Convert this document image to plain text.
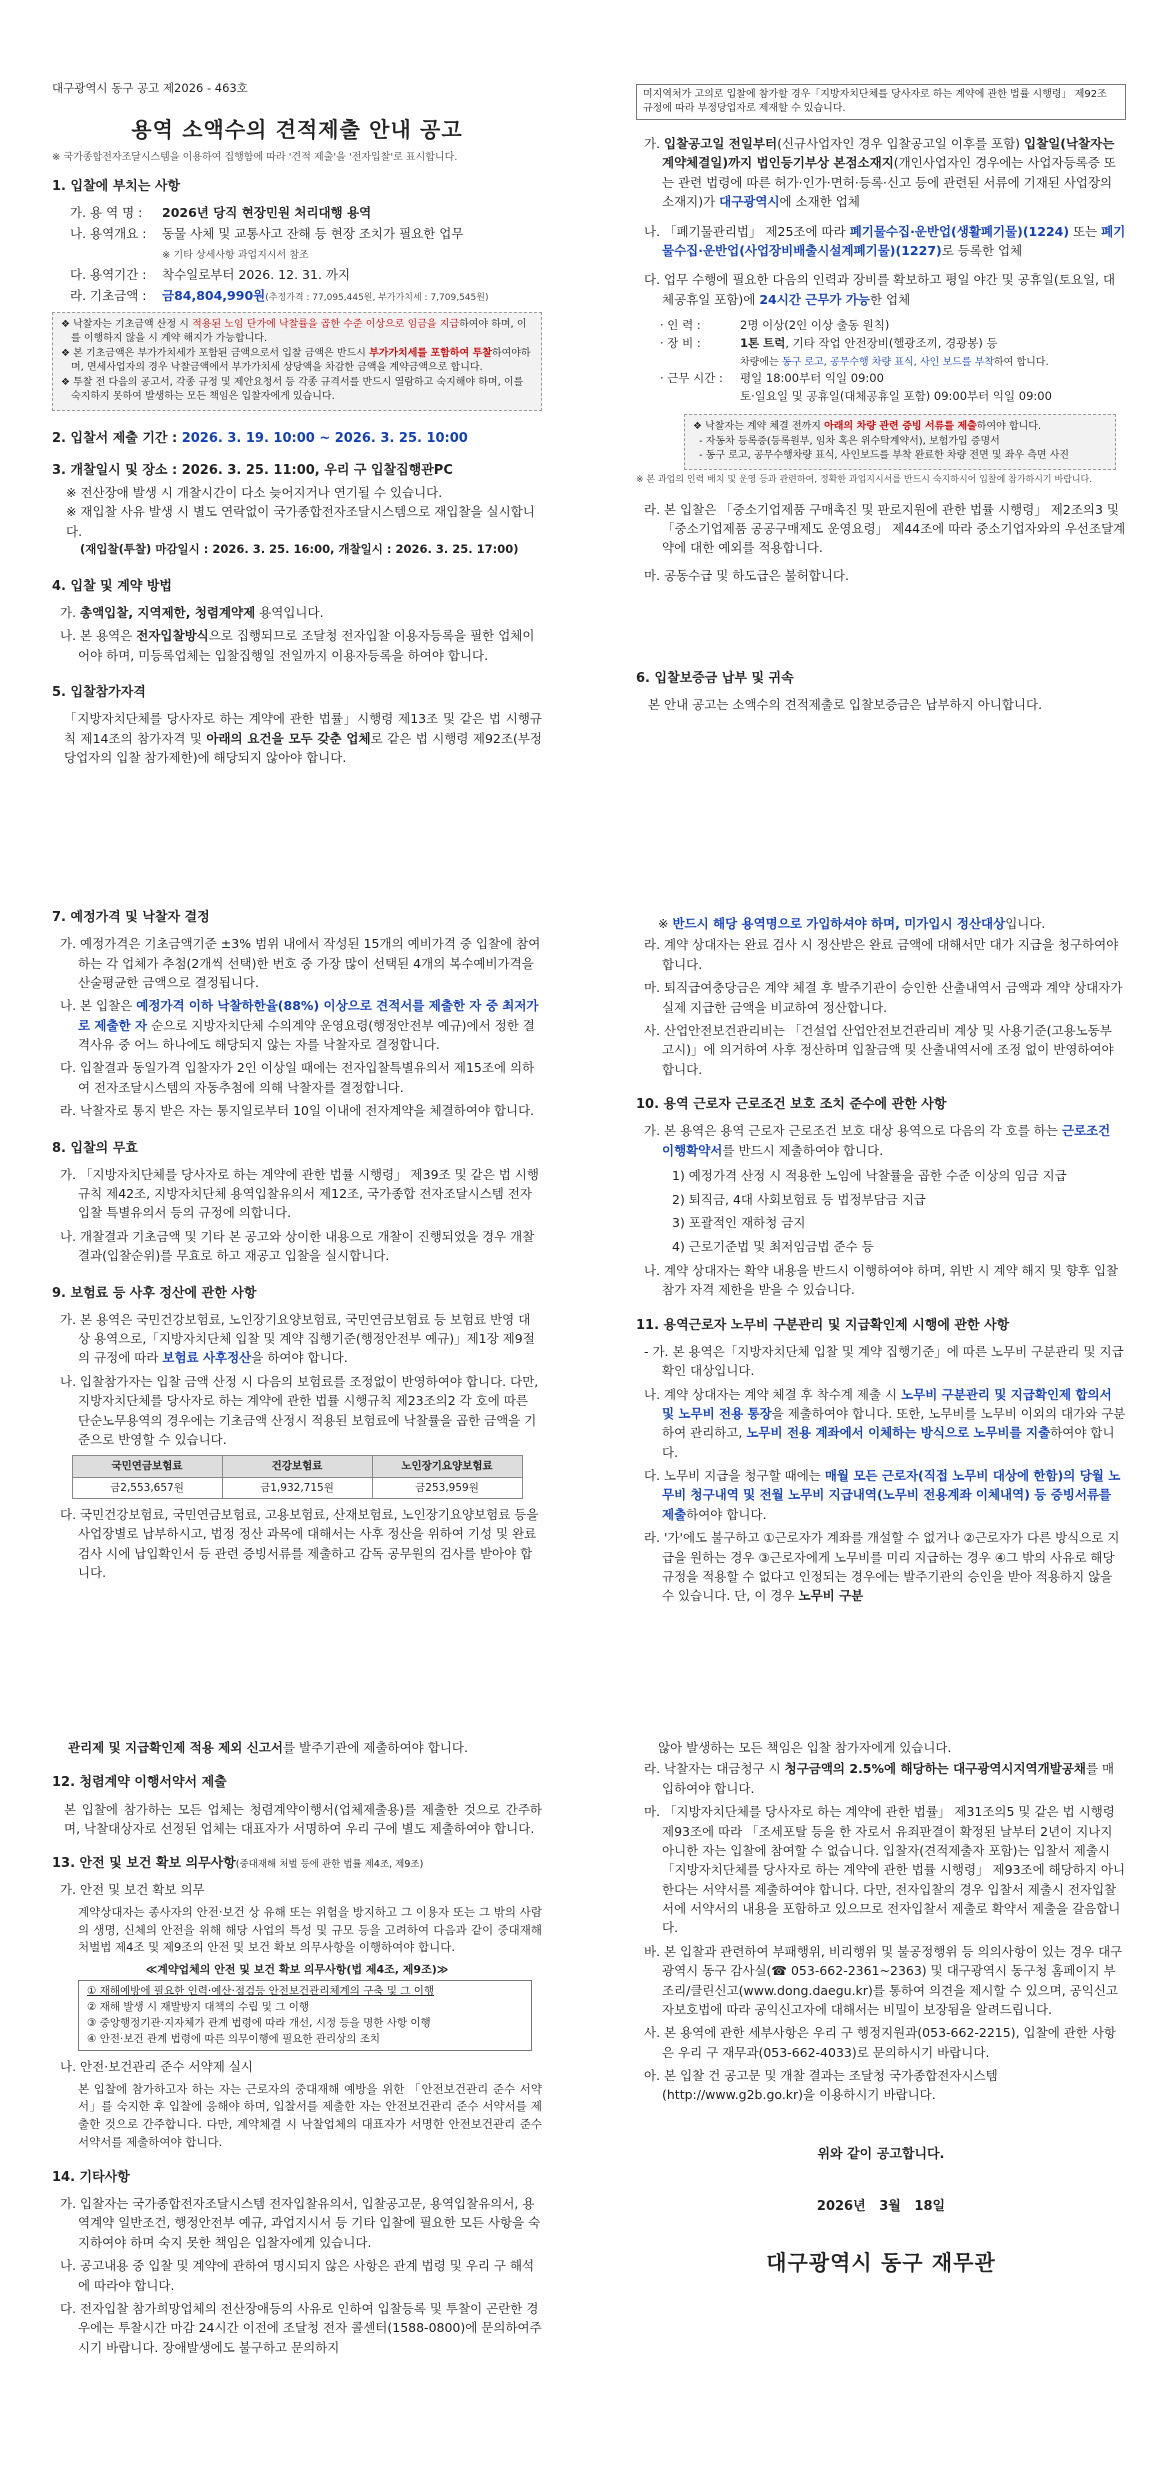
대구광역시 동구 공고 제2026 - 463호
용역 소액수의 견적제출 안내 공고
※ 국가종합전자조달시스템을 이용하여 집행함에 따라 '견적 제출'을 '전자입찰'로 표시합니다.
1. 입찰에 부치는 사항
가. 용 역 명 :	2026년 당직 현장민원 처리대행 용역
나. 용역개요 :	동물 사체 및 교통사고 잔해 등 현장 조치가 필요한 업무
※ 기타 상세사항 과업지시서 참조
다. 용역기간 :	착수일로부터 2026. 12. 31. 까지
라. 기초금액 :	금84,804,990원(추정가격 : 77,095,445원, 부가가치세 : 7,709,545원)
❖ 낙찰자는 기초금액 산정 시 적용된 노임 단가에 낙찰률을 곱한 수준 이상으로 임금을 지급하여야 하며, 이를 이행하지 않을 시 계약 해지가 가능합니다.
❖ 본 기초금액은 부가가치세가 포함된 금액으로서 입찰 금액은 반드시 부가가치세를 포함하여 투찰하여야하며, 면세사업자의 경우 낙찰금액에서 부가가치세 상당액을 차감한 금액을 계약금액으로 합니다.
❖ 투찰 전 다음의 공고서, 각종 규정 및 제안요청서 등 각종 규격서를 반드시 열람하고 숙지해야 하며, 이를 숙지하지 못하여 발생하는 모든 책임은 입찰자에게 있습니다.
2. 입찰서 제출 기간 : 2026. 3. 19. 10:00 ~ 2026. 3. 25. 10:00
3. 개찰일시 및 장소 : 2026. 3. 25. 11:00, 우리 구 입찰집행관PC
※ 전산장애 발생 시 개찰시간이 다소 늦어지거나 연기될 수 있습니다.
※ 재입찰 사유 발생 시 별도 연락없이 국가종합전자조달시스템으로 재입찰을 실시합니다.
(재입찰(투찰) 마감일시 : 2026. 3. 25. 16:00, 개찰일시 : 2026. 3. 25. 17:00)
4. 입찰 및 계약 방법
가. 총액입찰, 지역제한, 청렴계약제 용역입니다.
나. 본 용역은 전자입찰방식으로 집행되므로 조달청 전자입찰 이용자등록을 필한 업체이어야 하며, 미등록업체는 입찰집행일 전일까지 이용자등록을 하여야 합니다.
5. 입찰참가자격
「지방자치단체를 당사자로 하는 계약에 관한 법률」시행령 제13조 및 같은 법 시행규칙 제14조의 참가자격 및 아래의 요건을 모두 갖춘 업체로 같은 법 시행령 제92조(부정당업자의 입찰 참가제한)에 해당되지 않아야 합니다.
미지역처가 고의로 입찰에 참가할 경우「지방자치단체를 당사자로 하는 계약에 관한 법률 시행령」 제92조 규정에 따라 부정당업자로 제재할 수 있습니다.
가. 입찰공고일 전일부터(신규사업자인 경우 입찰공고일 이후를 포함) 입찰일(낙찰자는 계약체결일)까지 법인등기부상 본점소재지(개인사업자인 경우에는 사업자등록증 또는 관련 법령에 따른 허가·인가·면허·등록·신고 등에 관련된 서류에 기재된 사업장의 소재지)가 대구광역시에 소재한 업체
나. 「폐기물관리법」 제25조에 따라 폐기물수집·운반업(생활폐기물)(1224) 또는 폐기물수집·운반업(사업장비배출시설계폐기물)(1227)로 등록한 업체
다. 업무 수행에 필요한 다음의 인력과 장비를 확보하고 평일 야간 및 공휴일(토요일, 대체공휴일 포함)에 24시간 근무가 가능한 업체
· 인 력 :	2명 이상(2인 이상 출동 원칙)
· 장 비 :	1톤 트럭, 기타 작업 안전장비(헬광조끼, 경광봉) 등
차량에는 동구 로고, 공무수행 차량 표식, 사인 보드를 부착하여 합니다.
· 근무 시간 :	평일 18:00부터 익일 09:00
토·일요일 및 공휴일(대체공휴일 포함) 09:00부터 익일 09:00
❖ 낙찰자는 계약 체결 전까지 아래의 차량 관련 증빙 서류를 제출하여야 합니다.
- 자동차 등록증(등록원부, 임차 혹은 위수탁계약서), 보험가입 증명서
- 동구 로고, 공무수행차량 표식, 사인보드를 부착 완료한 차량 전면 및 좌우 측면 사진
※ 본 과업의 인력 배치 및 운영 등과 관련하여, 정확한 과업지시서를 반드시 숙지하시어 입찰에 참가하시기 바랍니다.
라. 본 입찰은 「중소기업제품 구매촉진 및 판로지원에 관한 법률 시행령」 제2조의3 및 「중소기업제품 공공구매제도 운영요령」 제44조에 따라 중소기업자와의 우선조달계약에 대한 예외를 적용합니다.
마. 공동수급 및 하도급은 불허합니다.
6. 입찰보증금 납부 및 귀속
본 안내 공고는 소액수의 견적제출로 입찰보증금은 납부하지 아니합니다.
7. 예정가격 및 낙찰자 결정
가. 예정가격은 기초금액기준 ±3% 범위 내에서 작성된 15개의 예비가격 중 입찰에 참여하는 각 업체가 추첨(2개씩 선택)한 번호 중 가장 많이 선택된 4개의 복수예비가격을 산술평균한 금액으로 결정됩니다.
나. 본 입찰은 예정가격 이하 낙찰하한율(88%) 이상으로 견적서를 제출한 자 중 최저가로 제출한 자 순으로 지방자치단체 수의계약 운영요령(행정안전부 예규)에서 정한 결격사유 중 어느 하나에도 해당되지 않는 자를 낙찰자로 결정합니다.
다. 입찰결과 동일가격 입찰자가 2인 이상일 때에는 전자입찰특별유의서 제15조에 의하여 전자조달시스템의 자동추첨에 의해 낙찰자를 결정합니다.
라. 낙찰자로 통지 받은 자는 통지일로부터 10일 이내에 전자계약을 체결하여야 합니다.
8. 입찰의 무효
가. 「지방자치단체를 당사자로 하는 계약에 관한 법률 시행령」 제39조 및 같은 법 시행규칙 제42조, 지방자치단체 용역입찰유의서 제12조, 국가종합 전자조달시스템 전자입찰 특별유의서 등의 규정에 의합니다.
나. 개찰결과 기초금액 및 기타 본 공고와 상이한 내용으로 개찰이 진행되었을 경우 개찰결과(입찰순위)를 무효로 하고 재공고 입찰을 실시합니다.
9. 보험료 등 사후 정산에 관한 사항
가. 본 용역은 국민건강보험료, 노인장기요양보험료, 국민연금보험료 등 보험료 반영 대상 용역으로,「지방자치단체 입찰 및 계약 집행기준(행정안전부 예규)」제1장 제9절의 규정에 따라 보험료 사후정산을 하여야 합니다.
나. 입찰참가자는 입찰 금액 산정 시 다음의 보험료를 조정없이 반영하여야 합니다. 다만, 지방자치단체를 당사자로 하는 계약에 관한 법률 시행규칙 제23조의2 각 호에 따른 단순노무용역의 경우에는 기초금액 산정시 적용된 보험료에 낙찰률을 곱한 금액을 기준으로 반영할 수 있습니다.
국민연금보험료	건강보험료	노인장기요양보험료
금2,553,657원	금1,932,715원	금253,959원
다. 국민건강보험료, 국민연금보험료, 고용보험료, 산재보험료, 노인장기요양보험료 등을 사업장별로 납부하시고, 법정 정산 과목에 대해서는 사후 정산을 위하여 기성 및 완료 검사 시에 납입확인서 등 관련 증빙서류를 제출하고 감독 공무원의 검사를 받아야 합니다.
※ 반드시 해당 용역명으로 가입하셔야 하며, 미가입시 정산대상입니다.
라. 계약 상대자는 완료 검사 시 정산받은 완료 금액에 대해서만 대가 지급을 청구하여야 합니다.
마. 퇴직급여충당금은 계약 체결 후 발주기관이 승인한 산출내역서 금액과 계약 상대자가 실제 지급한 금액을 비교하여 정산합니다.
사. 산업안전보건관리비는 「건설업 산업안전보건관리비 계상 및 사용기준(고용노동부 고시)」에 의거하여 사후 정산하며 입찰금액 및 산출내역서에 조정 없이 반영하여야 합니다.
10. 용역 근로자 근로조건 보호 조치 준수에 관한 사항
가. 본 용역은 용역 근로자 근로조건 보호 대상 용역으로 다음의 각 호를 하는 근로조건 이행확약서를 반드시 제출하여야 합니다.
1) 예정가격 산정 시 적용한 노임에 낙찰률을 곱한 수준 이상의 임금 지급
2) 퇴직금, 4대 사회보험료 등 법정부담금 지급
3) 포괄적인 재하청 금지
4) 근로기준법 및 최저임금법 준수 등
나. 계약 상대자는 확약 내용을 반드시 이행하여야 하며, 위반 시 계약 해지 및 향후 입찰 참가 자격 제한을 받을 수 있습니다.
11. 용역근로자 노무비 구분관리 및 지급확인제 시행에 관한 사항
- 가. 본 용역은「지방자치단체 입찰 및 계약 집행기준」에 따른 노무비 구분관리 및 지급 확인 대상입니다.
나. 계약 상대자는 계약 체결 후 착수계 제출 시 노무비 구분관리 및 지급확인제 합의서 및 노무비 전용 통장을 제출하여야 합니다. 또한, 노무비를 노무비 이외의 대가와 구분하여 관리하고, 노무비 전용 계좌에서 이체하는 방식으로 노무비를 지출하여야 합니다.
다. 노무비 지급을 청구할 때에는 매월 모든 근로자(직접 노무비 대상에 한함)의 당월 노무비 청구내역 및 전월 노무비 지급내역(노무비 전용계좌 이체내역) 등 증빙서류를 제출하여야 합니다.
라. '가'에도 불구하고 ①근로자가 계좌를 개설할 수 없거나 ②근로자가 다른 방식으로 지급을 원하는 경우 ③근로자에게 노무비를 미리 지급하는 경우 ④그 밖의 사유로 해당 규정을 적용할 수 없다고 인정되는 경우에는 발주기관의 승인을 받아 적용하지 않을 수 있습니다. 단, 이 경우 노무비 구분
관리제 및 지급확인제 적용 제외 신고서를 발주기관에 제출하여야 합니다.
12. 청렴계약 이행서약서 제출
본 입찰에 참가하는 모든 업체는 청렴계약이행서(업체제출용)를 제출한 것으로 간주하며, 낙찰대상자로 선정된 업체는 대표자가 서명하여 우리 구에 별도 제출하여야 합니다.
13. 안전 및 보건 확보 의무사항(중대재해 처벌 등에 관한 법률 제4조, 제9조)
가. 안전 및 보건 확보 의무
계약상대자는 종사자의 안전·보건 상 유해 또는 위험을 방지하고 그 이용자 또는 그 밖의 사람의 생명, 신체의 안전을 위해 해당 사업의 특성 및 규모 등을 고려하여 다음과 같이 중대재해처벌법 제4조 및 제9조의 안전 및 보건 확보 의무사항을 이행하여야 합니다.
≪계약업체의 안전 및 보건 확보 의무사항(법 제4조, 제9조)≫
① 재해예방에 필요한 인력·예산·점검등 안전보건관리체계의 구축 및 그 이행
② 재해 발생 시 재발방지 대책의 수립 및 그 이행
③ 중앙행정기관·지자체가 관계 법령에 따라 개선, 시정 등을 명한 사항 이행
④ 안전·보건 관계 법령에 따른 의무이행에 필요한 관리상의 조치
나. 안전·보건관리 준수 서약제 실시
본 입찰에 참가하고자 하는 자는 근로자의 중대재해 예방을 위한 「안전보건관리 준수 서약서」를 숙지한 후 입찰에 응해야 하며, 입찰서를 제출한 자는 안전보건관리 준수 서약서를 제출한 것으로 간주합니다. 다만, 계약체결 시 낙찰업체의 대표자가 서명한 안전보건관리 준수 서약서를 제출하여야 합니다.
14. 기타사항
가. 입찰자는 국가종합전자조달시스템 전자입찰유의서, 입찰공고문, 용역입찰유의서, 용역계약 일반조건, 행정안전부 예규, 과업지시서 등 기타 입찰에 필요한 모든 사항을 숙지하여야 하며 숙지 못한 책임은 입찰자에게 있습니다.
나. 공고내용 중 입찰 및 계약에 관하여 명시되지 않은 사항은 관계 법령 및 우리 구 해석에 따라야 합니다.
다. 전자입찰 참가희망업체의 전산장애등의 사유로 인하여 입찰등록 및 투찰이 곤란한 경우에는 투찰시간 마감 24시간 이전에 조달청 전자 콜센터(1588-0800)에 문의하여주시기 바랍니다. 장애발생에도 불구하고 문의하지
않아 발생하는 모든 책임은 입찰 참가자에게 있습니다.
라. 낙찰자는 대금청구 시 청구금액의 2.5%에 해당하는 대구광역시지역개발공채를 매입하여야 합니다.
마. 「지방자치단체를 당사자로 하는 계약에 관한 법률」 제31조의5 및 같은 법 시행령 제93조에 따라 「조세포탈 등을 한 자로서 유죄판결이 확정된 날부터 2년이 지나지 아니한 자는 입찰에 참여할 수 없습니다. 입찰자(견적제출자 포함)는 입찰서 제출시 「지방자치단체를 당사자로 하는 계약에 관한 법률 시행령」 제93조에 해당하지 아니한다는 서약서를 제출하여야 합니다. 다만, 전자입찰의 경우 입찰서 제출시 전자입찰서에 서약서의 내용을 포함하고 있으므로 전자입찰서 제출로 확약서 제출을 갈음합니다.
바. 본 입찰과 관련하여 부패행위, 비리행위 및 불공정행위 등 의의사항이 있는 경우 대구광역시 동구 감사실(☎ 053-662-2361~2363) 및 대구광역시 동구청 홈페이지 부조리/클린신고(www.dong.daegu.kr)를 통하여 의견을 제시할 수 있으며, 공익신고자보호법에 따라 공익신고자에 대해서는 비밀이 보장됨을 알려드립니다.
사. 본 용역에 관한 세부사항은 우리 구 행정지원과(053-662-2215), 입찰에 관한 사항은 우리 구 재무과(053-662-4033)로 문의하시기 바랍니다.
아. 본 입찰 건 공고문 및 개찰 결과는 조달청 국가종합전자시스템(http://www.g2b.go.kr)을 이용하시기 바랍니다.
위와 같이 공고합니다.
2026년   3월   18일
대구광역시 동구 재무관
